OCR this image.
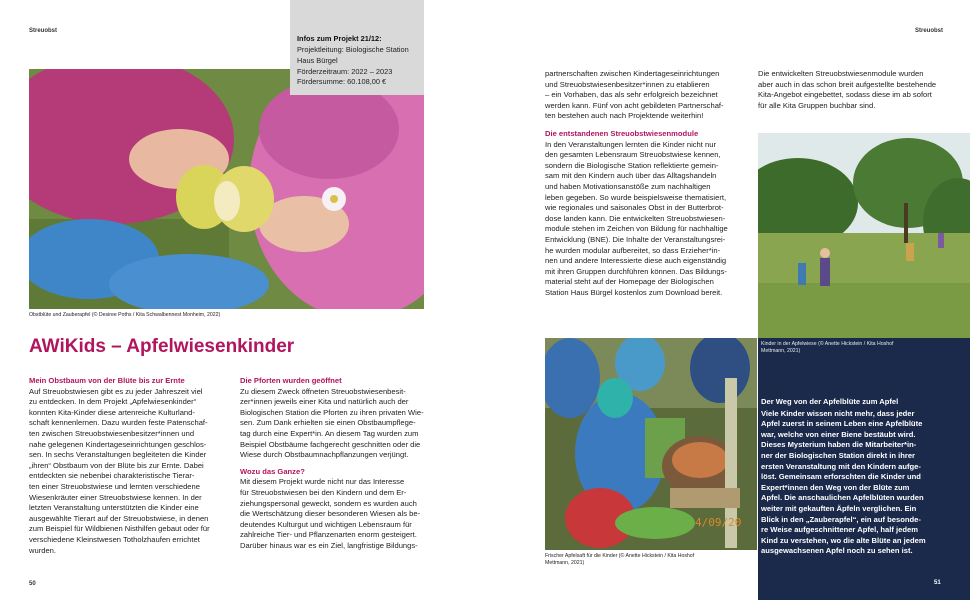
Streuobst	Streuobst
Infos zum Projekt 21/12:
Projektleitung: Biologische Station
Haus Bürgel
Förderzeitraum: 2022 – 2023
Fördersumme: 60.108,00 €
Obstblüte und Zauberapfel (© Desiree Poths / Kita Schwalbennest Monheim, 2022)
AWiKids – Apfelwiesenkinder
Mein Obstbaum von der Blüte bis zur Ernte
Auf Streuobstwiesen gibt es zu jeder Jahreszeit viel
zu entdecken. In dem Projekt „Apfelwiesenkinder“
konnten Kita-Kinder diese artenreiche Kulturland-
schaft kennenlernen. Dazu wurden feste Patenschaf-
ten zwischen Streuobstwiesenbesitzer*innen und
nahe gelegenen Kindertageseinrichtungen geschlos-
sen. In sechs Veranstaltungen begleiteten die Kinder
„ihren“ Obstbaum von der Blüte bis zur Ernte. Dabei
entdeckten sie nebenbei charakteristische Tierar-
ten einer Streuobstwiese und lernten verschiedene
Wiesenkräuter einer Streuobstwiese kennen. In der
letzten Veranstaltung unterstützten die Kinder eine
ausgewählte Tierart auf der Streuobstwiese, in denen
zum Beispiel für Wildbienen Nisthilfen gebaut oder für
verschiedene Kleinstwesen Totholzhaufen errichtet
wurden.
Die Pforten wurden geöffnet
Zu diesem Zweck öffneten Streuobstwiesenbesit-
zer*innen jeweils einer Kita und natürlich auch der
Biologischen Station die Pforten zu ihren privaten Wie-
sen. Zum Dank erhielten sie einen Obstbaumpflege-
tag durch eine Expert*in. An diesem Tag wurden zum
Beispiel Obstbäume fachgerecht geschnitten oder die
Wiese durch Obstbaumnachpflanzungen verjüngt.
Wozu das Ganze?
Mit diesem Projekt wurde nicht nur das Interesse
für Streuobstwiesen bei den Kindern und dem Er-
ziehungspersonal geweckt, sondern es wurden auch
die Wertschätzung dieser besonderen Wiesen als be-
deutendes Kulturgut und wichtigen Lebensraum für
zahlreiche Tier- und Pflanzenarten enorm gesteigert.
Darüber hinaus war es ein Ziel, langfristige Bildungs-
50
partnerschaften zwischen Kindertageseinrichtungen
und Streuobstwiesenbesitzer*innen zu etablieren
– ein Vorhaben, das als sehr erfolgreich bezeichnet
werden kann. Fünf von acht gebildeten Partnerschaf-
ten bestehen auch nach Projektende weiterhin!
Die entstandenen Streuobstwiesenmodule
In den Veranstaltungen lernten die Kinder nicht nur
den gesamten Lebensraum Streuobstwiese kennen,
sondern die Biologische Station reflektierte gemein-
sam mit den Kindern auch über das Alltagshandeln
und haben Motivationsanstöße zum nachhaltigen
leben gegeben. So wurde beispielsweise thematisiert,
wie regionales und saisonales Obst in der Butterbrot-
dose landen kann. Die entwickelten Streuobstwiesen-
module stehen im Zeichen von Bildung für nachhaltige
Entwicklung (BNE). Die Inhalte der Veranstaltungsrei-
he wurden modular aufbereitet, so dass Erzieher*in-
nen und andere Interessierte diese auch eigenständig
mit ihren Gruppen durchführen können. Das Bildungs-
material steht auf der Homepage der Biologischen
Station Haus Bürgel kostenlos zum Download bereit.
Die entwickelten Streuobstwiesenmodule wurden
aber auch in das schon breit aufgestellte bestehende
Kita-Angebot eingebettet, sodass diese im ab sofort
für alle Kita Gruppen buchbar sind.
Kinder in der Apfelwiese (© Anette Hickstein / Kita Hoshof
Mettmann, 2021)
Der Weg von der Apfelblüte zum Apfel
Viele Kinder wissen nicht mehr, dass jeder
Apfel zuerst in seinem Leben eine Apfelblüte
war, welche von einer Biene bestäubt wird.
Dieses Mysterium haben die Mitarbeiter*in-
ner der Biologischen Station direkt in ihrer
ersten Veranstaltung mit den Kindern aufge-
löst. Gemeinsam erforschten die Kinder und
Expert*innen den Weg von der Blüte zum
Apfel. Die anschaulichen Apfelblüten wurden
weiter mit gekauften Äpfeln verglichen. Ein
Blick in den „Zauberapfel“, ein auf besonde-
re Weise aufgeschnittener Apfel, half jedem
Kind zu verstehen, wo die alte Blüte an jedem
ausgewachsenen Apfel noch zu sehen ist.
51
4/09/20
Frischer Apfelsaft für die Kinder (© Anette Hickstein / Kita Hoshof
Mettmann, 2021)
